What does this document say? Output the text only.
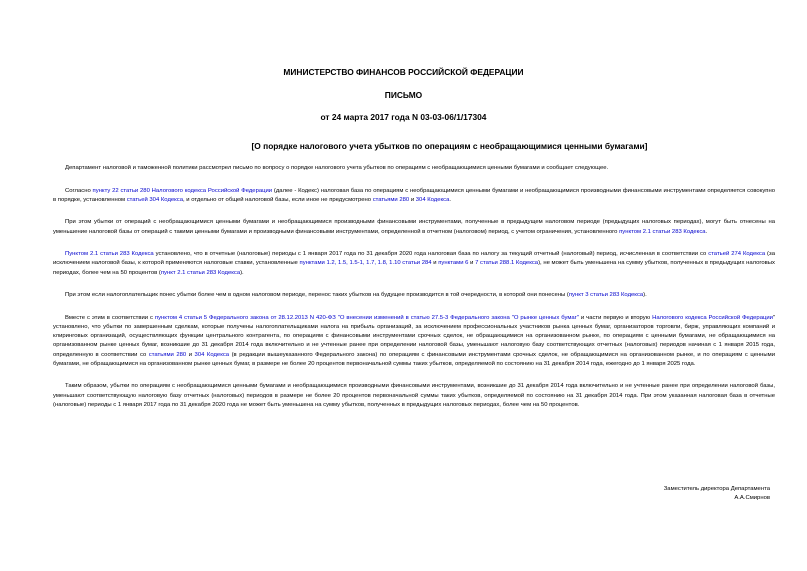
МИНИСТЕРСТВО ФИНАНСОВ РОССИЙСКОЙ ФЕДЕРАЦИИ
ПИСЬМО
от 24 марта 2017 года N 03-03-06/1/17304
[О порядке налогового учета убытков по операциям с необращающимися ценными бумагами]

Департамент налоговой и таможенной политики рассмотрел письмо по вопросу о порядке налогового учета убытков по операциям с необращающимися ценными бумагами и сообщает следующее.

Согласно пункту 22 статьи 280 Налогового кодекса Российской Федерации (далее - Кодекс) налоговая база по операциям с необращающимися ценными бумагами и необращающимися производными финансовыми инструментами определяется совокупно в порядке, установленном статьей 304 Кодекса, и отдельно от общей налоговой базы, если иное не предусмотрено статьями 280 и 304 Кодекса.

При этом убытки от операций с необращающимися ценными бумагами и необращающимися производными финансовыми инструментами, полученные в предыдущем налоговом периоде (предыдущих налоговых периодах), могут быть отнесены на уменьшение налоговой базы от операций с такими ценными бумагами и производными финансовыми инструментами, определенной в отчетном (налоговом) период, с учетом ограничения, установленного пунктом 2.1 статьи 283 Кодекса.

Пунктом 2.1 статьи 283 Кодекса установлено, что в отчетные (налоговые) периоды с 1 января 2017 года по 31 декабря 2020 года налоговая база по налогу за текущий отчетный (налоговый) период, исчисленная в соответствии со статьей 274 Кодекса (за исключением налоговой базы, к которой применяются налоговые ставки, установленные пунктами 1.2, 1.5, 1.5-1, 1.7, 1.8, 1.10 статьи 284 и пунктами 6 и 7 статьи 288.1 Кодекса), не может быть уменьшена на сумму убытков, полученных в предыдущих налоговых периодах, более чем на 50 процентов (пункт 2.1 статьи 283 Кодекса).

При этом если налогоплательщик понес убытки более чем в одном налоговом периоде, перенос таких убытков на будущее производится в той очередности, в которой они понесены (пункт 3 статьи 283 Кодекса).

Вместе с этим в соответствии с пунктом 4 статьи 5 Федерального закона от 28.12.2013 N 420-ФЗ "О внесении изменений в статью 27.5-3 Федерального закона "О рынке ценных бумаг" и части первую и вторую Налогового кодекса Российской Федерации" установлено, что убытки по завершенным сделкам, которые получены налогоплательщиками налога на прибыль организаций, за исключением профессиональных участников рынка ценных бумаг, организаторов торговли, бирж, управляющих компаний и клиринговых организаций, осуществляющих функции центрального контрагента, по операциям с финансовыми инструментами срочных сделок, не обращающимися на организованном рынке, по операциям с ценными бумагами, не обращающимися на организованном рынке ценных бумаг, возникшие до 31 декабря 2014 года включительно и не учтенные ранее при определении налоговой базы, уменьшают налоговую базу соответствующих отчетных (налоговых) периодов начиная с 1 января 2015 года, определенную в соответствии со статьями 280 и 304 Кодекса (в редакции вышеуказанного Федерального закона) по операциям с финансовыми инструментами срочных сделок, не обращающимися на организованном рынке, и по операциям с ценными бумагами, не обращающимися на организованном рынке ценных бумаг, в размере не более 20 процентов первоначальной суммы таких убытков, определяемой по состоянию на 31 декабря 2014 года, ежегодно до 1 января 2025 года.

Таким образом, убытки по операциям с необращающимися ценными бумагами и необращающимися производными финансовыми инструментами, возникшие до 31 декабря 2014 года включительно и не учтенные ранее при определении налоговой базы, уменьшают соответствующую налоговую базу отчетных (налоговых) периодов в размере не более 20 процентов первоначальной суммы таких убытков, определяемой по состоянию на 31 декабря 2014 года. При этом указанная налоговая база в отчетные (налоговые) периоды с 1 января 2017 года по 31 декабря 2020 года не может быть уменьшена на сумму убытков, полученных в предыдущих налоговых периодах, более чем на 50 процентов.

Заместитель директора Департамента
А.А.Смирнов
